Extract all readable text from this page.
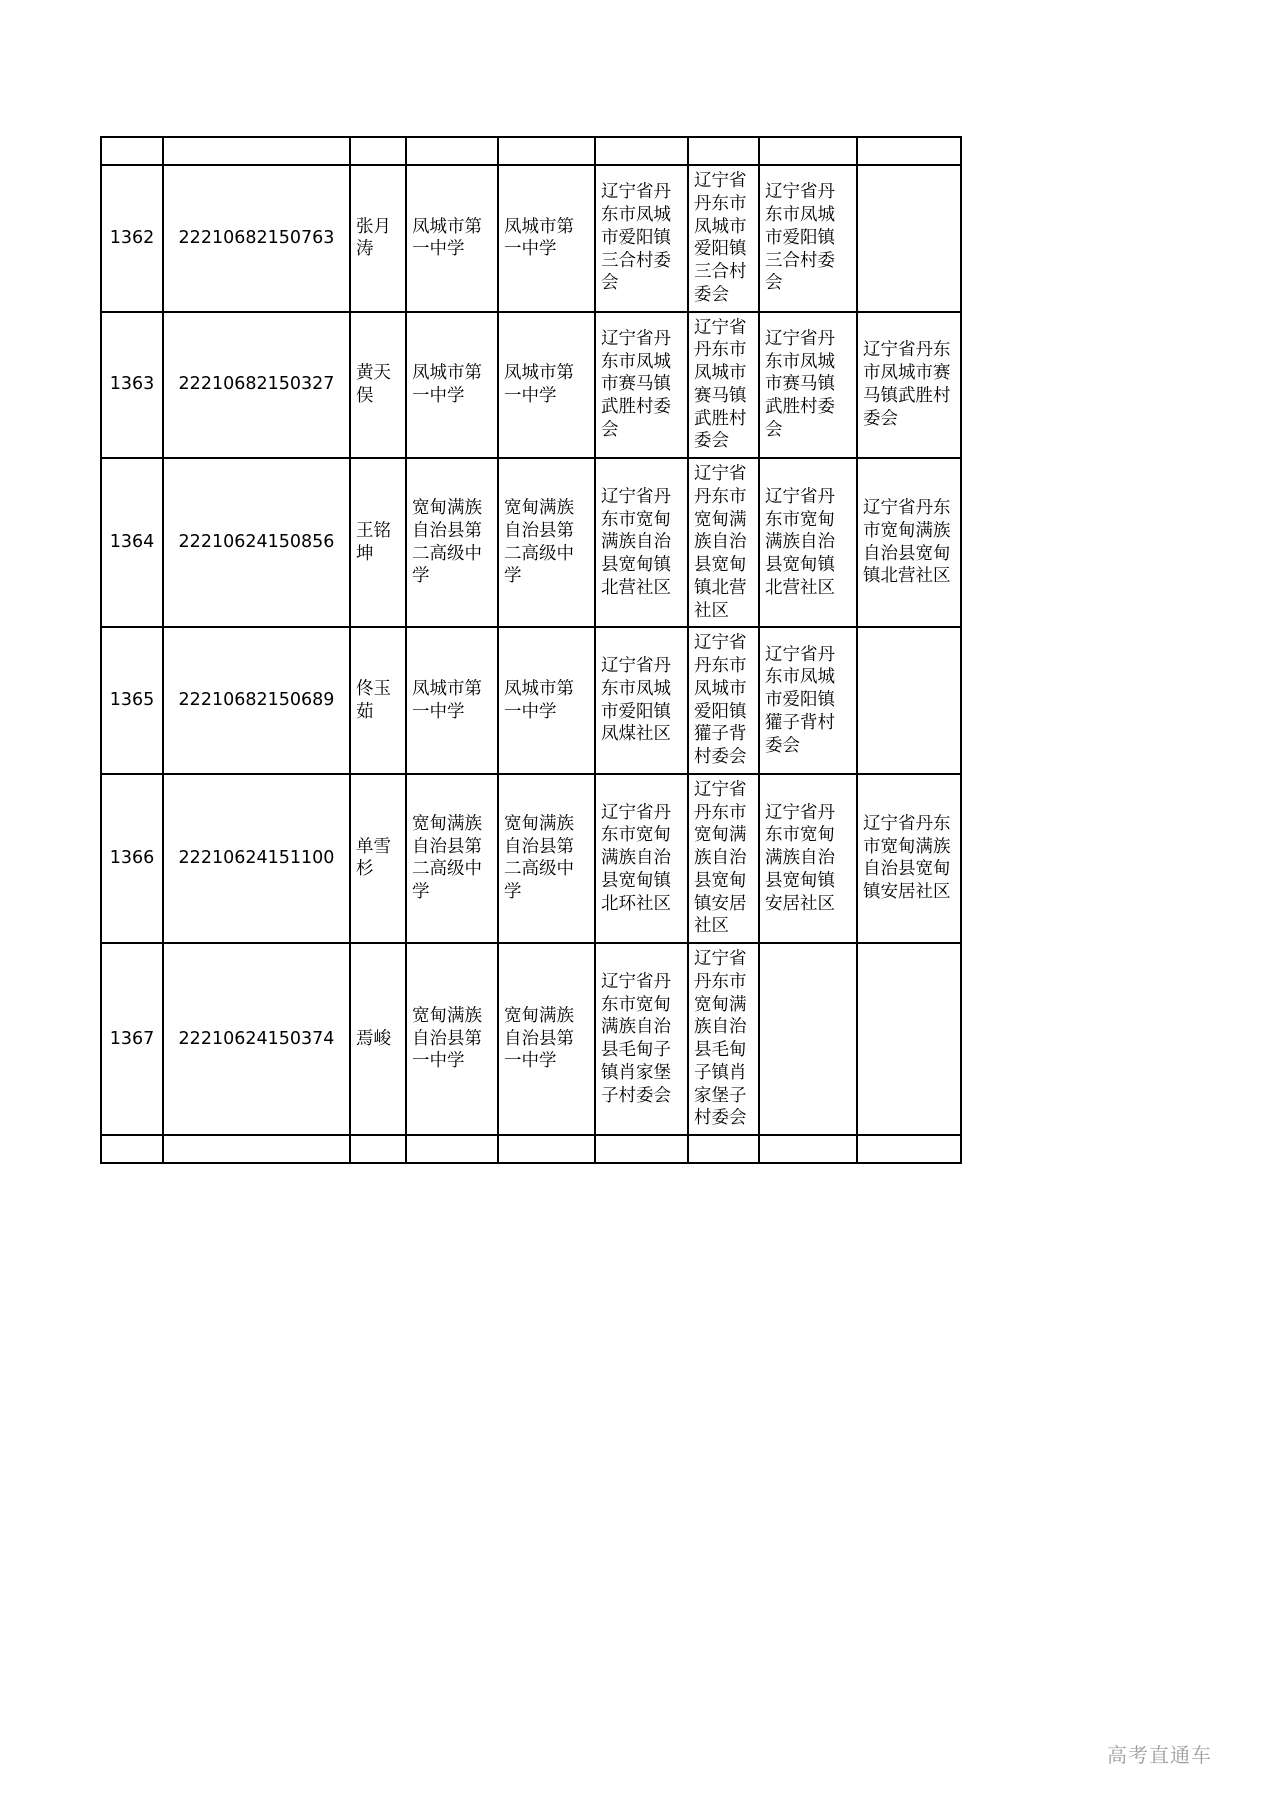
1362	22210682150763	张月涛	凤城市第一中学	凤城市第一中学	辽宁省丹东市凤城市爱阳镇三合村委会	辽宁省丹东市凤城市爱阳镇三合村委会	辽宁省丹东市凤城市爱阳镇三合村委会	
1363	22210682150327	黄天俣	凤城市第一中学	凤城市第一中学	辽宁省丹东市凤城市赛马镇武胜村委会	辽宁省丹东市凤城市赛马镇武胜村委会	辽宁省丹东市凤城市赛马镇武胜村委会	辽宁省丹东市凤城市赛马镇武胜村委会
1364	22210624150856	王铭坤	宽甸满族自治县第二高级中学	宽甸满族自治县第二高级中学	辽宁省丹东市宽甸满族自治县宽甸镇北营社区	辽宁省丹东市宽甸满族自治县宽甸镇北营社区	辽宁省丹东市宽甸满族自治县宽甸镇北营社区	辽宁省丹东市宽甸满族自治县宽甸镇北营社区
1365	22210682150689	佟玉茹	凤城市第一中学	凤城市第一中学	辽宁省丹东市凤城市爱阳镇凤煤社区	辽宁省丹东市凤城市爱阳镇獾子背村委会	辽宁省丹东市凤城市爱阳镇獾子背村委会	
1366	22210624151100	单雪杉	宽甸满族自治县第二高级中学	宽甸满族自治县第二高级中学	辽宁省丹东市宽甸满族自治县宽甸镇北环社区	辽宁省丹东市宽甸满族自治县宽甸镇安居社区	辽宁省丹东市宽甸满族自治县宽甸镇安居社区	辽宁省丹东市宽甸满族自治县宽甸镇安居社区
1367	22210624150374	焉峻	宽甸满族自治县第一中学	宽甸满族自治县第一中学	辽宁省丹东市宽甸满族自治县毛甸子镇肖家堡子村委会	辽宁省丹东市宽甸满族自治县毛甸子镇肖家堡子村委会		

高考直通车
